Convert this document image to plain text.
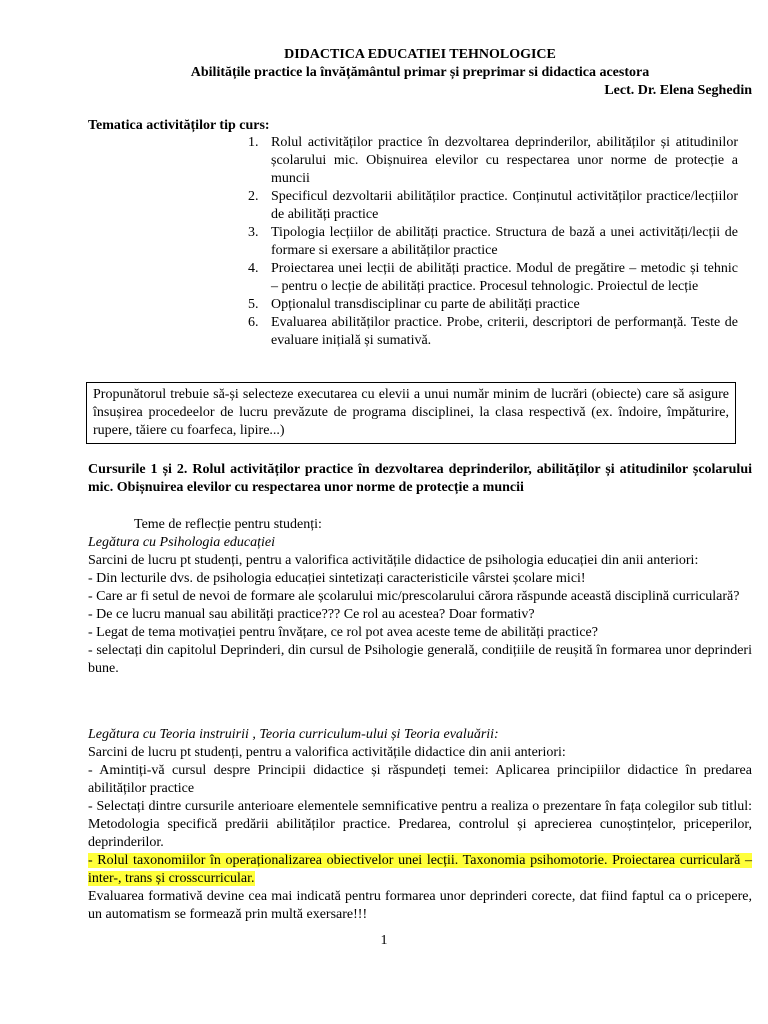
DIDACTICA EDUCATIEI TEHNOLOGICE
Abilitățile practice la învățământul primar și preprimar si didactica acestora
Lect. Dr. Elena Seghedin
Tematica activităților tip curs:
1. Rolul activităților practice în dezvoltarea deprinderilor, abilităților și atitudinilor școlarului mic. Obișnuirea elevilor cu respectarea unor norme de protecție a muncii
2. Specificul dezvoltarii abilităților practice. Conținutul activităților practice/lecțiilor de abilități practice
3. Tipologia lecțiilor de abilități practice. Structura de bază a unei activități/lecții de formare si exersare a abilităților practice
4. Proiectarea unei lecții de abilități practice. Modul de pregătire – metodic și tehnic – pentru o lecție de abilități practice. Procesul tehnologic. Proiectul de lecție
5. Opționalul transdisciplinar cu parte de abilități practice
6. Evaluarea abilităților practice. Probe, criterii, descriptori de performanță. Teste de evaluare inițială și sumativă.
Propunătorul trebuie să-și selecteze executarea cu elevii a unui număr minim de lucrări (obiecte) care să asigure însușirea procedeelor de lucru prevăzute de programa disciplinei, la clasa respectivă (ex. îndoire, împăturire, rupere, tăiere cu foarfeca, lipire...)

Cursurile 1 și 2. Rolul activităților practice în dezvoltarea deprinderilor, abilităților și atitudinilor școlarului mic. Obișnuirea elevilor cu respectarea unor norme de protecție a muncii

Teme de reflecție pentru studenți:

Legătura cu Psihologia educației

Sarcini de lucru pt studenți, pentru a valorifica activitățile didactice de psihologia educației din anii anteriori:

- Din lecturile dvs. de psihologia educației sintetizați caracteristicile vârstei școlare mici!

- Care ar fi setul de nevoi de formare ale școlarului mic/prescolarului cărora răspunde această disciplină curriculară?

- De ce lucru manual sau abilități practice??? Ce rol au acestea? Doar formativ?

- Legat de tema motivației pentru învățare, ce rol pot avea aceste teme de abilități practice?

- selectați din capitolul Deprinderi, din cursul de Psihologie generală, condițiile de reușită în formarea unor deprinderi bune.

Legătura cu Teoria instruirii , Teoria curriculum-ului și Teoria evaluării:

Sarcini de lucru pt studenți, pentru a valorifica activitățile didactice din anii anteriori:

- Amintiți-vă cursul despre Principii didactice și răspundeți temei: Aplicarea principiilor didactice în predarea abilităților practice

- Selectați dintre cursurile anterioare elementele semnificative pentru a realiza o prezentare în fața colegilor sub titlul: Metodologia specifică predării abilităților practice. Predarea, controlul și aprecierea cunoștințelor, priceperilor, deprinderilor.

- Rolul taxonomiilor în operaționalizarea obiectivelor unei lecții. Taxonomia psihomotorie. Proiectarea curriculară – inter-, trans și crosscurricular.

Evaluarea formativă devine cea mai indicată pentru formarea unor deprinderi corecte, dat fiind faptul ca o pricepere, un automatism se formează prin multă exersare!!!

1
